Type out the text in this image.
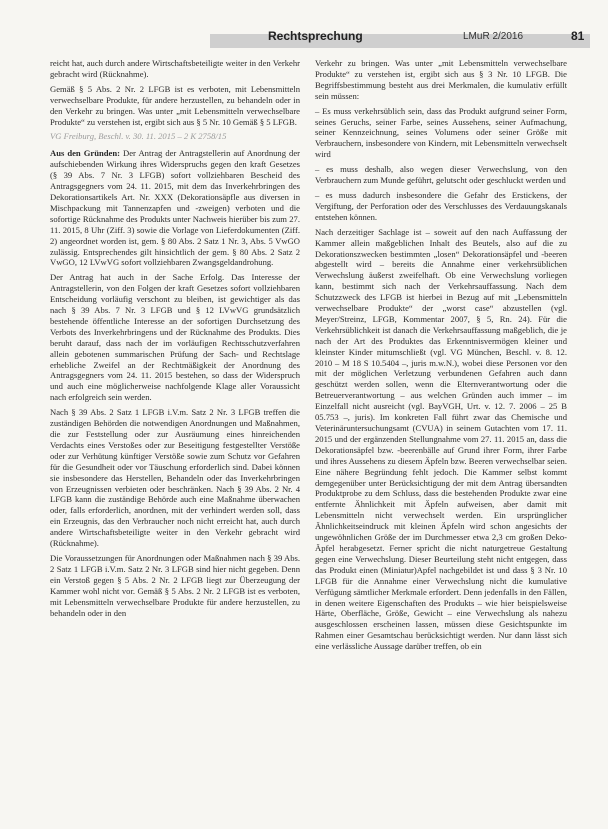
Rechtsprechung	LMuR 2/2016	81

reicht hat, auch durch andere Wirtschaftsbeteiligte weiter in den Verkehr gebracht wird (Rücknahme).

Gemäß § 5 Abs. 2 Nr. 2 LFGB ist es verboten, mit Lebensmitteln verwechselbare Produkte, für andere herzustellen, zu behandeln oder in den Verkehr zu bringen. Was unter „mit Lebensmitteln verwechselbare Produkte“ zu verstehen ist, ergibt sich aus § 5 Nr. 10 Gemäß § 5 LFGB.

VG Freiburg, Beschl. v. 30. 11. 2015 – 2 K 2758/15

Aus den Gründen: Der Antrag der Antragstellerin auf Anordnung der aufschiebenden Wirkung ihres Widerspruchs gegen den kraft Gesetzes (§ 39 Abs. 7 Nr. 3 LFGB) sofort vollziehbaren Bescheid des Antragsgegners vom 24. 11. 2015, mit dem das Inverkehrbringen des Dekorationsartikels Art. Nr. XXX (Dekorationsäpfle aus diversen in Mischpackung mit Tannenzapfen und -zweigen) verboten und die sofortige Rücknahme des Produkts unter Nachweis hierüber bis zum 27. 11. 2015, 8 Uhr (Ziff. 3) sowie die Vorlage von Lieferdokumenten (Ziff. 2) angeordnet worden ist, gem. § 80 Abs. 2 Satz 1 Nr. 3, Abs. 5 VwGO zulässig. Entsprechendes gilt hinsichtlich der gem. § 80 Abs. 2 Satz 2 VwGO, 12 LVwVG sofort vollziehbaren Zwangsgeldandrohung.

Der Antrag hat auch in der Sache Erfolg. Das Interesse der Antragstellerin, von den Folgen der kraft Gesetzes sofort vollziehbaren Entscheidung vorläufig verschont zu bleiben, ist gewichtiger als das nach § 39 Abs. 7 Nr. 3 LFGB und § 12 LVwVG grundsätzlich bestehende öffentliche Interesse an der sofortigen Durchsetzung des Verbots des Inverkehrbringens und der Rücknahme des Produkts. Dies beruht darauf, dass nach der im vorläufigen Rechtsschutzverfahren allein gebotenen summarischen Prüfung der Sach- und Rechtslage erhebliche Zweifel an der Rechtmäßigkeit der Anordnung des Antragsgegners vom 24. 11. 2015 bestehen, so dass der Widerspruch und auch eine möglicherweise nachfolgende Klage aller Voraussicht nach erfolgreich sein werden.

Nach § 39 Abs. 2 Satz 1 LFGB i.V.m. Satz 2 Nr. 3 LFGB treffen die zuständigen Behörden die notwendigen Anordnungen und Maßnahmen, die zur Feststellung oder zur Ausräumung eines hinreichenden Verdachts eines Verstoßes oder zur Beseitigung festgestellter Verstöße oder zur Verhütung künftiger Verstöße sowie zum Schutz vor Gefahren für die Gesundheit oder vor Täuschung erforderlich sind. Dabei können sie insbesondere das Herstellen, Behandeln oder das Inverkehrbringen von Erzeugnissen verbieten oder beschränken. Nach § 39 Abs. 2 Nr. 4 LFGB kann die zuständige Behörde auch eine Maßnahme überwachen oder, falls erforderlich, anordnen, mit der verhindert werden soll, dass ein Erzeugnis, das den Verbraucher noch nicht erreicht hat, auch durch andere Wirtschaftsbeteiligte weiter in den Verkehr gebracht wird (Rücknahme).

Die Voraussetzungen für Anordnungen oder Maßnahmen nach § 39 Abs. 2 Satz 1 LFGB i.V.m. Satz 2 Nr. 3 LFGB sind hier nicht gegeben. Denn ein Verstoß gegen § 5 Abs. 2 Nr. 2 LFGB liegt zur Überzeugung der Kammer wohl nicht vor. Gemäß § 5 Abs. 2 Nr. 2 LFGB ist es verboten, mit Lebensmitteln verwechselbare Produkte für andere herzustellen, zu behandeln oder in den

Verkehr zu bringen. Was unter „mit Lebensmitteln verwechselbare Produkte“ zu verstehen ist, ergibt sich aus § 3 Nr. 10 LFGB. Die Begriffsbestimmung besteht aus drei Merkmalen, die kumulativ erfüllt sein müssen:

– Es muss verkehrsüblich sein, dass das Produkt aufgrund seiner Form, seines Geruchs, seiner Farbe, seines Aussehens, seiner Aufmachung, seiner Kennzeichnung, seines Volumens oder seiner Größe mit Verbrauchern, insbesondere von Kindern, mit Lebensmitteln verwechselt wird

– es muss deshalb, also wegen dieser Verwechslung, von den Verbrauchern zum Munde geführt, gelutscht oder geschluckt werden und

– es muss dadurch insbesondere die Gefahr des Erstickens, der Vergiftung, der Perforation oder des Verschlusses des Verdauungskanals entstehen können.

Nach derzeitiger Sachlage ist – soweit auf den nach Auffassung der Kammer allein maßgeblichen Inhalt des Beutels, also auf die zu Dekorationszwecken bestimmten „losen“ Dekorationsäpfel und -beeren abgestellt wird – bereits die Annahme einer verkehrsüblichen Verwechslung äußerst zweifelhaft. Ob eine Verwechslung vorliegen kann, bestimmt sich nach der Verkehrsauffassung. Nach dem Schutzzweck des LFGB ist hierbei in Bezug auf mit „Lebensmitteln verwechselbare Produkte“ der „worst case“ abzustellen (vgl. Meyer/Streinz, LFGB, Kommentar 2007, § 5, Rn. 24). Für die Verkehrsüblichkeit ist danach die Verkehrsauffassung maßgeblich, die je nach der Art des Produktes das Erkenntnisvermögen kleiner und kleinster Kinder mitumschließt (vgl. VG München, Beschl. v. 8. 12. 2010 – M 18 S 10.5404 –, juris m.w.N.), wobei diese Personen vor den mit der möglichen Verletzung verbundenen Gefahren auch dann geschützt werden sollen, wenn die Elternverantwortung oder die Betreuerverantwortung – aus welchen Gründen auch immer – im Einzelfall nicht ausreicht (vgl. BayVGH, Urt. v. 12. 7. 2006 – 25 B 05.753 –, juris). Im konkreten Fall führt zwar das Chemische und Veterinäruntersuchungsamt (CVUA) in seinem Gutachten vom 17. 11. 2015 und der ergänzenden Stellungnahme vom 27. 11. 2015 an, dass die Dekorationsäpfel bzw. -beerenbälle auf Grund ihrer Form, ihrer Farbe und ihres Aussehens zu diesem Äpfeln bzw. Beeren verwechselbar seien. Eine nähere Begründung fehlt jedoch. Die Kammer selbst kommt demgegenüber unter Berücksichtigung der mit dem Antrag übersandten Produktprobe zu dem Schluss, dass die bestehenden Produkte zwar eine entfernte Ähnlichkeit mit Äpfeln aufweisen, aber damit mit Lebensmitteln nicht verwechselt werden. Ein ursprünglicher Ähnlichkeitseindruck mit kleinen Äpfeln wird schon angesichts der ungewöhnlichen Größe der im Durchmesser etwa 2,3 cm großen Deko-Äpfel herabgesetzt. Ferner spricht die nicht naturgetreue Gestaltung gegen eine Verwechslung. Dieser Beurteilung steht nicht entgegen, dass das Produkt einen (Miniatur)Apfel nachgebildet ist und dass § 3 Nr. 10 LFGB für die Annahme einer Verwechslung nicht die kumulative Verfügung sämtlicher Merkmale erfordert. Denn jedenfalls in den Fällen, in denen weitere Eigenschaften des Produkts – wie hier beispielsweise Härte, Oberfläche, Größe, Gewicht – eine Verwechslung als nahezu ausgeschlossen erscheinen lassen, müssen diese Gesichtspunkte im Rahmen einer Gesamtschau berücksichtigt werden. Nur dann lässt sich eine verlässliche Aussage darüber treffen, ob ein
